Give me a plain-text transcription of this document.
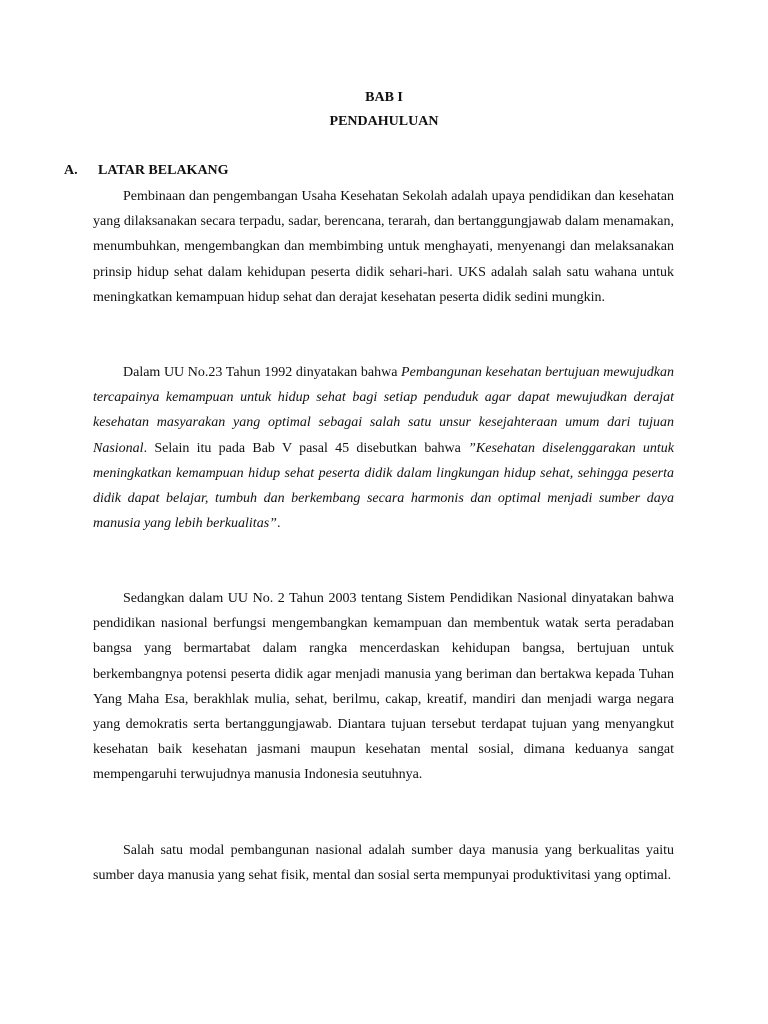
BAB I
PENDAHULUAN
A. LATAR BELAKANG

Pembinaan dan pengembangan Usaha Kesehatan Sekolah adalah upaya pendidikan dan kesehatan yang dilaksanakan secara terpadu, sadar, berencana, terarah, dan bertanggungjawab dalam menamakan, menumbuhkan, mengembangkan dan membimbing untuk menghayati, menyenangi dan melaksanakan prinsip hidup sehat dalam kehidupan peserta didik sehari-hari. UKS adalah salah satu wahana untuk meningkatkan kemampuan hidup sehat dan derajat kesehatan peserta didik sedini mungkin.

Dalam UU No.23 Tahun 1992 dinyatakan bahwa Pembangunan kesehatan bertujuan mewujudkan tercapainya kemampuan untuk hidup sehat bagi setiap penduduk agar dapat mewujudkan derajat kesehatan masyarakan yang optimal sebagai salah satu unsur kesejahteraan umum dari tujuan Nasional. Selain itu pada Bab V pasal 45 disebutkan bahwa ”Kesehatan diselenggarakan untuk meningkatkan kemampuan hidup sehat peserta didik dalam lingkungan hidup sehat, sehingga peserta didik dapat belajar, tumbuh dan berkembang secara harmonis dan optimal menjadi sumber daya manusia yang lebih berkualitas”.

Sedangkan dalam UU No. 2 Tahun 2003 tentang Sistem Pendidikan Nasional dinyatakan bahwa pendidikan nasional berfungsi mengembangkan kemampuan dan membentuk watak serta peradaban bangsa yang bermartabat dalam rangka mencerdaskan kehidupan bangsa, bertujuan untuk berkembangnya potensi peserta didik agar menjadi manusia yang beriman dan bertakwa kepada Tuhan Yang Maha Esa, berakhlak mulia, sehat, berilmu, cakap, kreatif, mandiri dan menjadi warga negara yang demokratis serta bertanggungjawab. Diantara tujuan tersebut terdapat tujuan yang menyangkut kesehatan baik kesehatan jasmani maupun kesehatan mental sosial, dimana keduanya sangat mempengaruhi terwujudnya manusia Indonesia seutuhnya.

Salah satu modal pembangunan nasional adalah sumber daya manusia yang berkualitas yaitu sumber daya manusia yang sehat fisik, mental dan sosial serta mempunyai produktivitasi yang optimal.
